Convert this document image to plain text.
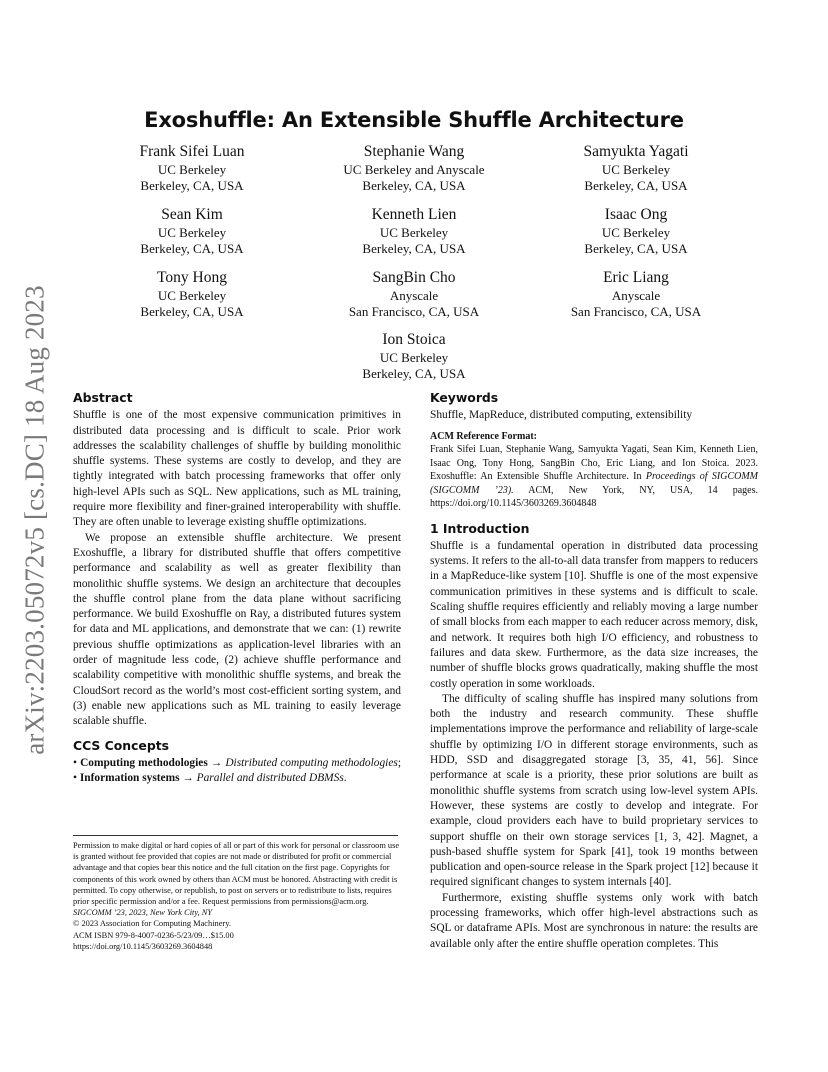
arXiv:2203.05072v5 [cs.DC] 18 Aug 2023
Exoshuffle: An Extensible Shuffle Architecture
Frank Sifei Luan
UC Berkeley
Berkeley, CA, USA
Stephanie Wang
UC Berkeley and Anyscale
Berkeley, CA, USA
Samyukta Yagati
UC Berkeley
Berkeley, CA, USA
Sean Kim
UC Berkeley
Berkeley, CA, USA
Kenneth Lien
UC Berkeley
Berkeley, CA, USA
Isaac Ong
UC Berkeley
Berkeley, CA, USA
Tony Hong
UC Berkeley
Berkeley, CA, USA
SangBin Cho
Anyscale
San Francisco, CA, USA
Eric Liang
Anyscale
San Francisco, CA, USA
Ion Stoica
UC Berkeley
Berkeley, CA, USA
Abstract

Shuffle is one of the most expensive communication primitives in distributed data processing and is difficult to scale. Prior work addresses the scalability challenges of shuffle by building monolithic shuffle systems. These systems are costly to develop, and they are tightly integrated with batch processing frameworks that offer only high-level APIs such as SQL. New applications, such as ML training, require more flexibility and finer-grained interoperability with shuffle. They are often unable to leverage existing shuffle optimizations.

We propose an extensible shuffle architecture. We present Exoshuffle, a library for distributed shuffle that offers competitive performance and scalability as well as greater flexibility than monolithic shuffle systems. We design an architecture that decouples the shuffle control plane from the data plane without sacrificing performance. We build Exoshuffle on Ray, a distributed futures system for data and ML applications, and demonstrate that we can: (1) rewrite previous shuffle optimizations as application-level libraries with an order of magnitude less code, (2) achieve shuffle performance and scalability competitive with monolithic shuffle systems, and break the CloudSort record as the world’s most cost-efficient sorting system, and (3) enable new applications such as ML training to easily leverage scalable shuffle.

CCS Concepts

• Computing methodologies → Distributed computing methodologies; • Information systems → Parallel and distributed DBMSs.

Permission to make digital or hard copies of all or part of this work for personal or classroom use is granted without fee provided that copies are not made or distributed for profit or commercial advantage and that copies bear this notice and the full citation on the first page. Copyrights for components of this work owned by others than ACM must be honored. Abstracting with credit is permitted. To copy otherwise, or republish, to post on servers or to redistribute to lists, requires prior specific permission and/or a fee. Request permissions from permissions@acm.org.

SIGCOMM ’23, 2023, New York City, NY

© 2023 Association for Computing Machinery.

ACM ISBN 979-8-4007-0236-5/23/09…$15.00

https://doi.org/10.1145/3603269.3604848

Keywords

Shuffle, MapReduce, distributed computing, extensibility

ACM Reference Format:

Frank Sifei Luan, Stephanie Wang, Samyukta Yagati, Sean Kim, Kenneth Lien, Isaac Ong, Tony Hong, SangBin Cho, Eric Liang, and Ion Stoica. 2023. Exoshuffle: An Extensible Shuffle Architecture. In Proceedings of SIGCOMM (SIGCOMM ’23). ACM, New York, NY, USA, 14 pages. https://doi.org/10.1145/3603269.3604848

1 Introduction

Shuffle is a fundamental operation in distributed data processing systems. It refers to the all-to-all data transfer from mappers to reducers in a MapReduce-like system [10]. Shuffle is one of the most expensive communication primitives in these systems and is difficult to scale. Scaling shuffle requires efficiently and reliably moving a large number of small blocks from each mapper to each reducer across memory, disk, and network. It requires both high I/O efficiency, and robustness to failures and data skew. Furthermore, as the data size increases, the number of shuffle blocks grows quadratically, making shuffle the most costly operation in some workloads.

The difficulty of scaling shuffle has inspired many solutions from both the industry and research community. These shuffle implementations improve the performance and reliability of large-scale shuffle by optimizing I/O in different storage environments, such as HDD, SSD and disaggregated storage [3, 35, 41, 56]. Since performance at scale is a priority, these prior solutions are built as monolithic shuffle systems from scratch using low-level system APIs. However, these systems are costly to develop and integrate. For example, cloud providers each have to build proprietary services to support shuffle on their own storage services [1, 3, 42]. Magnet, a push-based shuffle system for Spark [41], took 19 months between publication and open-source release in the Spark project [12] because it required significant changes to system internals [40].

Furthermore, existing shuffle systems only work with batch processing frameworks, which offer high-level abstractions such as SQL or dataframe APIs. Most are synchronous in nature: the results are available only after the entire shuffle operation completes. This
